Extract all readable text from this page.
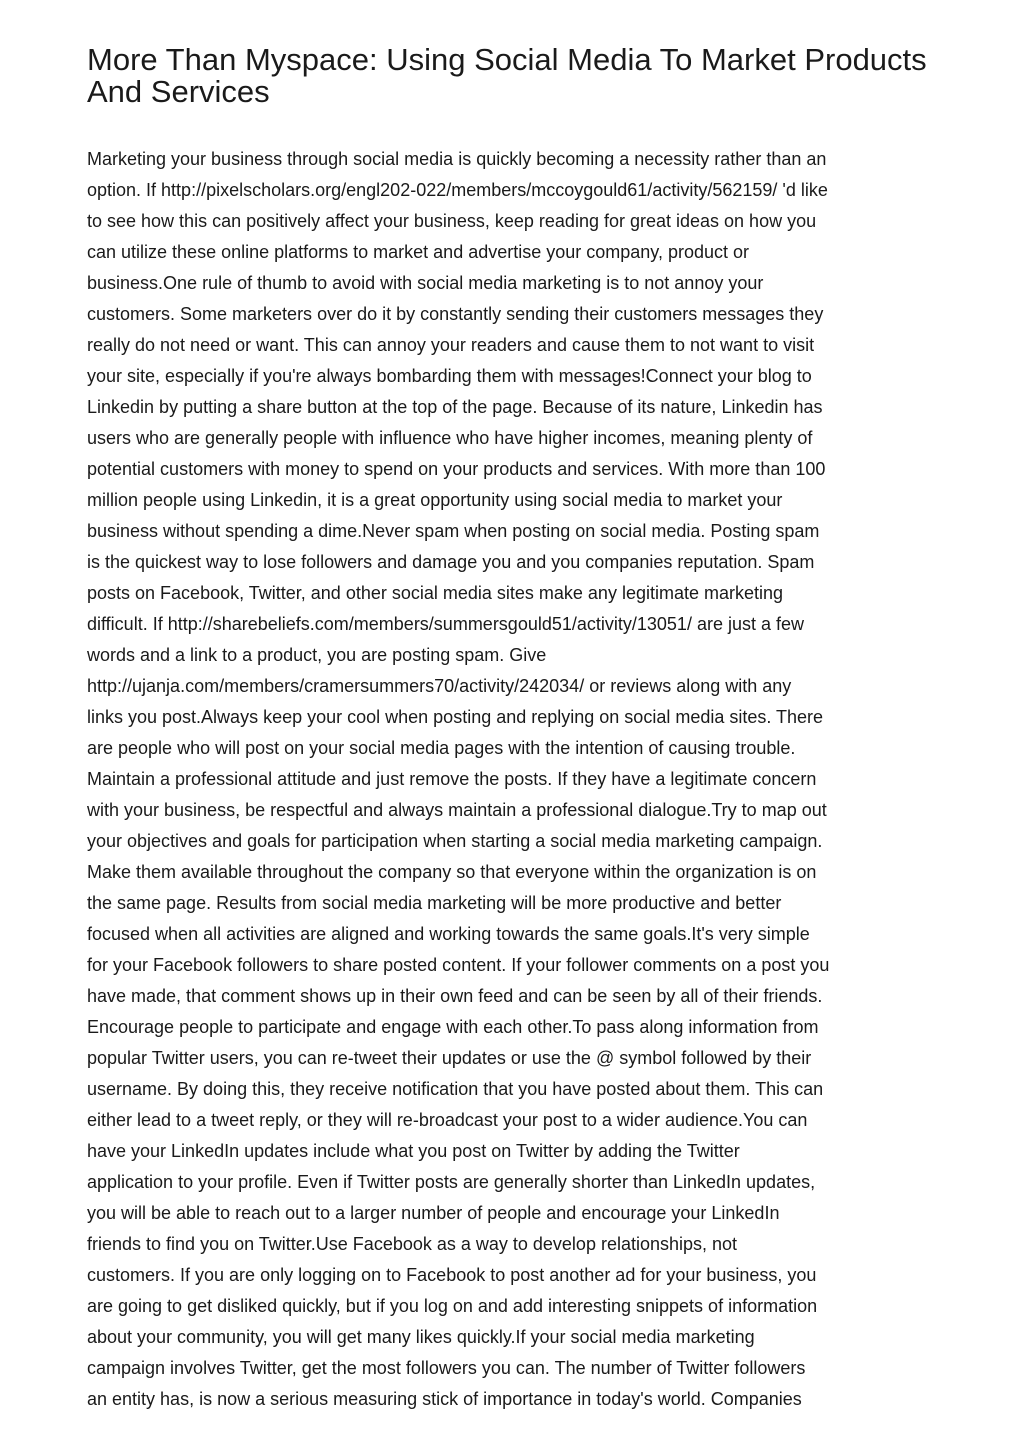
More Than Myspace: Using Social Media To Market Products And Services
Marketing your business through social media is quickly becoming a necessity rather than an
option. If http://pixelscholars.org/engl202-022/members/mccoygould61/activity/562159/ 'd like
to see how this can positively affect your business, keep reading for great ideas on how you
can utilize these online platforms to market and advertise your company, product or
business.One rule of thumb to avoid with social media marketing is to not annoy your
customers. Some marketers over do it by constantly sending their customers messages they
really do not need or want. This can annoy your readers and cause them to not want to visit
your site, especially if you're always bombarding them with messages!Connect your blog to
Linkedin by putting a share button at the top of the page. Because of its nature, Linkedin has
users who are generally people with influence who have higher incomes, meaning plenty of
potential customers with money to spend on your products and services. With more than 100
million people using Linkedin, it is a great opportunity using social media to market your
business without spending a dime.Never spam when posting on social media. Posting spam
is the quickest way to lose followers and damage you and you companies reputation. Spam
posts on Facebook, Twitter, and other social media sites make any legitimate marketing
difficult. If http://sharebeliefs.com/members/summersgould51/activity/13051/ are just a few
words and a link to a product, you are posting spam. Give
http://ujanja.com/members/cramersummers70/activity/242034/ or reviews along with any
links you post.Always keep your cool when posting and replying on social media sites. There
are people who will post on your social media pages with the intention of causing trouble.
Maintain a professional attitude and just remove the posts. If they have a legitimate concern
with your business, be respectful and always maintain a professional dialogue.Try to map out
your objectives and goals for participation when starting a social media marketing campaign.
Make them available throughout the company so that everyone within the organization is on
the same page. Results from social media marketing will be more productive and better
focused when all activities are aligned and working towards the same goals.It's very simple
for your Facebook followers to share posted content. If your follower comments on a post you
have made, that comment shows up in their own feed and can be seen by all of their friends.
Encourage people to participate and engage with each other.To pass along information from
popular Twitter users, you can re-tweet their updates or use the @ symbol followed by their
username. By doing this, they receive notification that you have posted about them. This can
either lead to a tweet reply, or they will re-broadcast your post to a wider audience.You can
have your LinkedIn updates include what you post on Twitter by adding the Twitter
application to your profile. Even if Twitter posts are generally shorter than LinkedIn updates,
you will be able to reach out to a larger number of people and encourage your LinkedIn
friends to find you on Twitter.Use Facebook as a way to develop relationships, not
customers. If you are only logging on to Facebook to post another ad for your business, you
are going to get disliked quickly, but if you log on and add interesting snippets of information
about your community, you will get many likes quickly.If your social media marketing
campaign involves Twitter, get the most followers you can. The number of Twitter followers
an entity has, is now a serious measuring stick of importance in today's world. Companies
